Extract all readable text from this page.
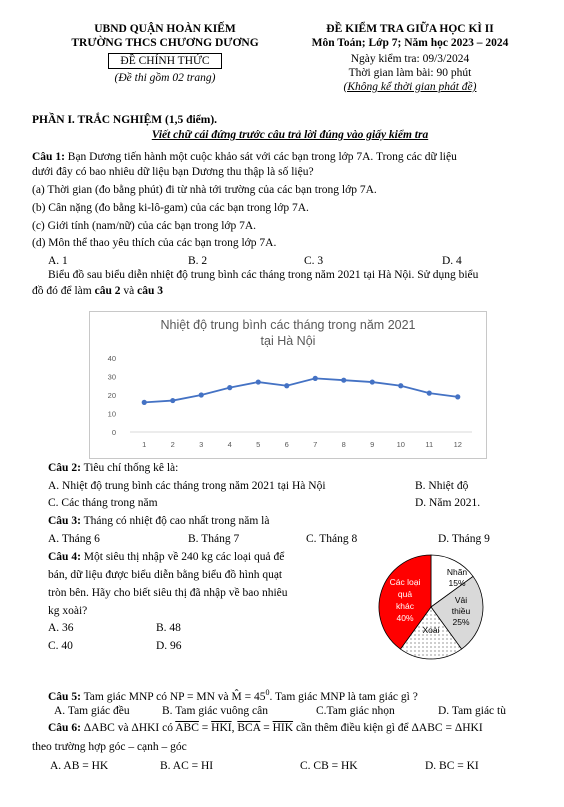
UBND QUẬN HOÀN KIẾM
TRƯỜNG THCS CHƯƠNG DƯƠNG
ĐỀ CHÍNH THỨC
(Đề thi gồm 02 trang)
ĐỀ KIỂM TRA GIỮA HỌC KÌ II
Môn Toán; Lớp 7; Năm học 2023 – 2024
Ngày kiểm tra: 09/3/2024
Thời gian làm bài: 90 phút
(Không kể thời gian phát đề)
PHẦN I. TRẮC NGHIỆM (1,5 điểm).
Viết chữ cái đứng trước câu trả lời đúng vào giấy kiểm tra
Câu 1: Bạn Dương tiến hành một cuộc khảo sát với các bạn trong lớp 7A. Trong các dữ liệu
dưới đây có bao nhiêu dữ liệu bạn Dương thu thập là số liệu?
(a) Thời gian (đo bằng phút) đi từ nhà tới trường của các bạn trong lớp 7A.
(b) Cân nặng (đo bằng ki-lô-gam) của các bạn trong lớp 7A.
(c) Giới tính (nam/nữ) của các bạn trong lớp 7A.
(d) Môn thể thao yêu thích của các bạn trong lớp 7A.
A. 1	B. 2	C. 3	D. 4
Biểu đồ sau biểu diễn nhiệt độ trung bình các tháng trong năm 2021 tại Hà Nội. Sử dụng biểu
đồ đó để làm câu 2 và câu 3
Nhiệt độ trung bình các tháng trong năm 2021
tại Hà Nội
0
10
20
30
40
1	2	3	4	5	6	7	8	9	10	11	12
Câu 2: Tiêu chí thống kê là:
A. Nhiệt độ trung bình các tháng trong năm 2021 tại Hà Nội	B. Nhiệt độ
C. Các tháng trong năm	D. Năm 2021.
Câu 3: Tháng có nhiệt độ cao nhất trong năm là
A. Tháng 6	B. Tháng 7	C. Tháng 8	D. Tháng 9
Câu 4: Một siêu thị nhập về 240 kg các loại quả để
bán, dữ liệu được biểu diễn bằng biểu đồ hình quạt
tròn bên. Hãy cho biết siêu thị đã nhập về bao nhiêu
kg xoài?
A. 36	B. 48
C. 40	D. 96
Nhãn
15%
Vải
thiều
25%
Xoài
Các loại
quả
khác
40%
Câu 5: Tam giác MNP có NP = MN và M̂ = $45^0$. Tam giác MNP là tam giác gì ?
A. Tam giác đều	B. Tam giác vuông cân	C.Tam giác nhọn	D. Tam giác tù
Câu 6: ΔABC và ΔHKI có $\overline{ABC} = \overline{HKI}$, $\overline{BCA} = \overline{HIK}$ cần thêm điều kiện gì để ΔABC = ΔHKI
theo trường hợp góc – cạnh – góc
A. AB = HK	B. AC = HI	C. CB = HK	D. BC = KI
